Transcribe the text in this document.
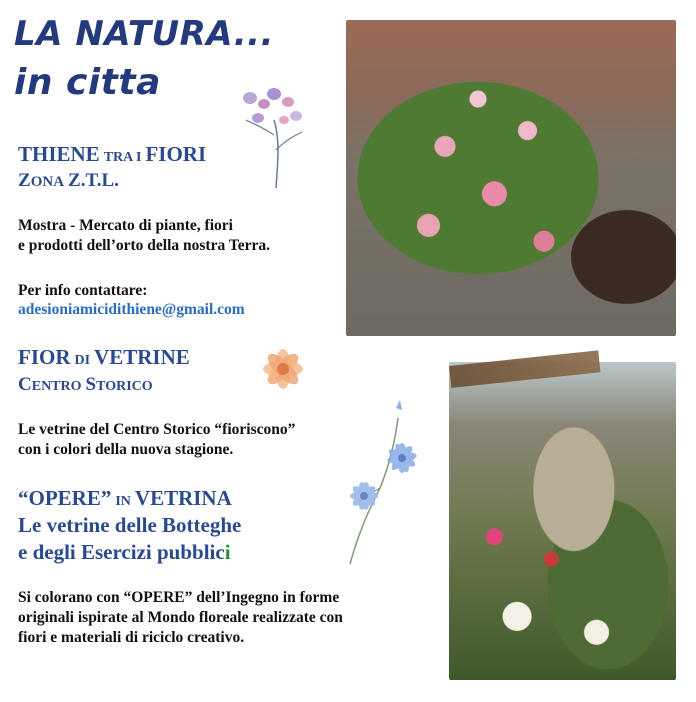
LA NATURA...
in citta
THIENE TRA I FIORI
ZONA Z.T.L.
Mostra - Mercato di piante, fiori
e prodotti dell’orto della nostra Terra.
Per info contattare:
adesioniamicidithiene@gmail.com
FIOR DI VETRINE
CENTRO STORICO
Le vetrine del Centro Storico “fioriscono”
con i colori della nuova stagione.
“OPERE” IN VETRINA
Le vetrine delle Botteghe
e degli Esercizi pubblici
Si colorano con “OPERE” dell’Ingegno in forme
originali ispirate al Mondo floreale realizzate con
fiori e materiali di riciclo creativo.
